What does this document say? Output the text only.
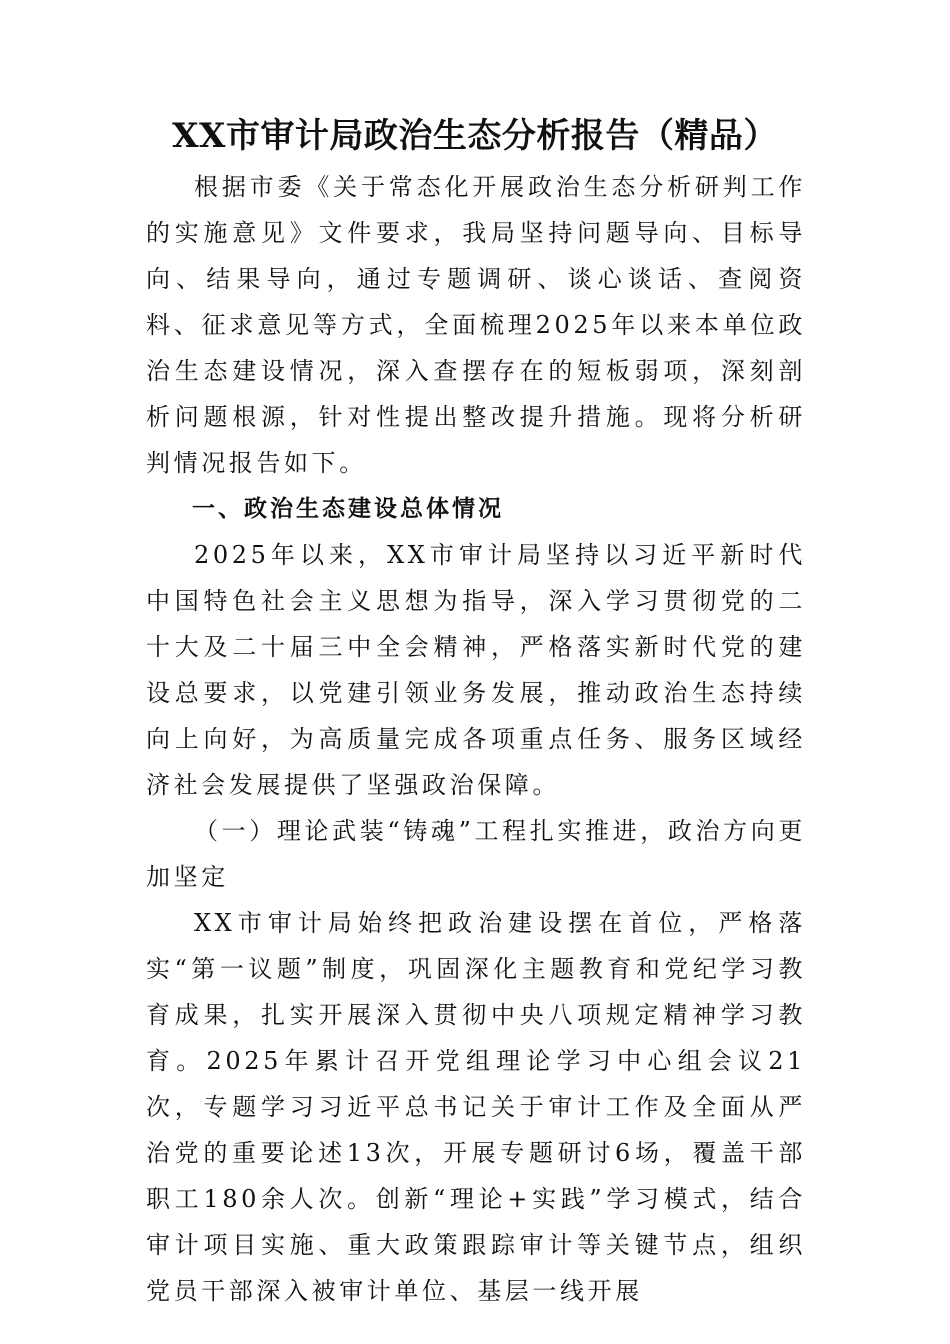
XX市审计局政治生态分析报告（精品）

根据市委《关于常态化开展政治生态分析研判工作的实施意见》文件要求，我局坚持问题导向、目标导向、结果导向，通过专题调研、谈心谈话、查阅资料、征求意见等方式，全面梳理2025年以来本单位政治生态建设情况，深入查摆存在的短板弱项，深刻剖析问题根源，针对性提出整改提升措施。现将分析研判情况报告如下。

一、政治生态建设总体情况

2025年以来，XX市审计局坚持以习近平新时代中国特色社会主义思想为指导，深入学习贯彻党的二十大及二十届三中全会精神，严格落实新时代党的建设总要求，以党建引领业务发展，推动政治生态持续向上向好，为高质量完成各项重点任务、服务区域经济社会发展提供了坚强政治保障。

（一）理论武装“铸魂”工程扎实推进，政治方向更加坚定

XX市审计局始终把政治建设摆在首位，严格落实“第一议题”制度，巩固深化主题教育和党纪学习教育成果，扎实开展深入贯彻中央八项规定精神学习教育。2025年累计召开党组理论学习中心组会议21次，专题学习习近平总书记关于审计工作及全面从严治党的重要论述13次，开展专题研讨6场，覆盖干部职工180余人次。创新“理论+实践”学习模式，结合审计项目实施、重大政策跟踪审计等关键节点，组织党员干部深入被审计单位、基层一线开展
